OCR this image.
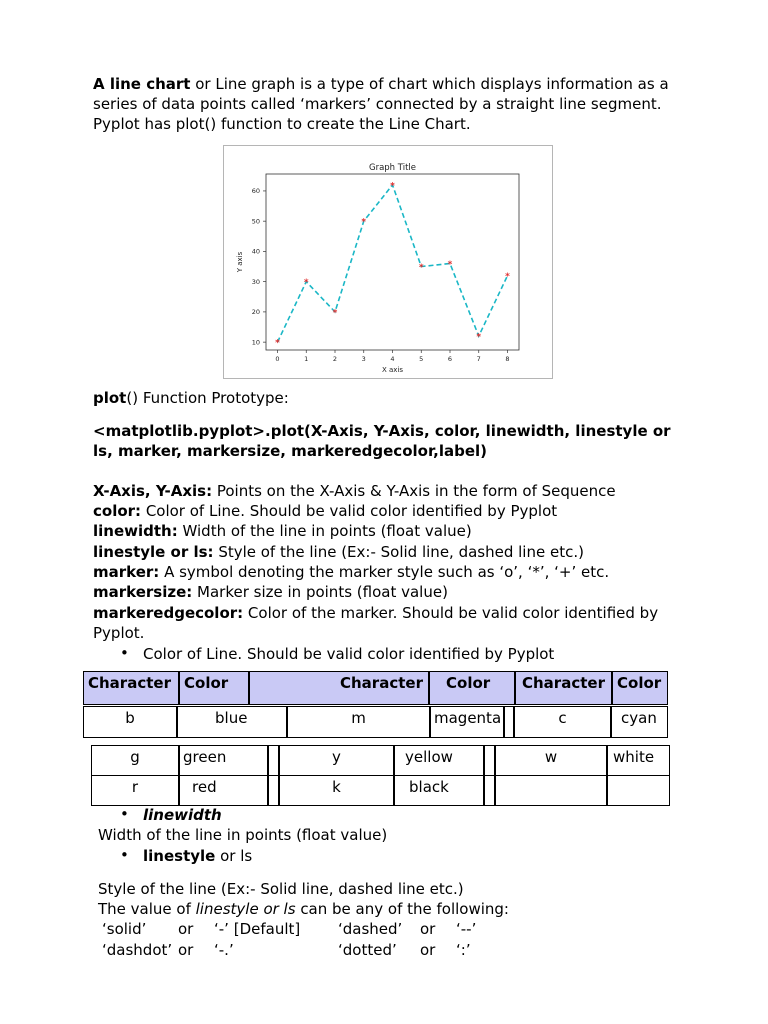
A line chart or Line graph is a type of chart which displays information as a
series of data points called ‘markers’ connected by a straight line segment.
Pyplot has plot() function to create the Line Chart.
Graph Title
X axis
Y axis
0	1	2	3	4	5	6	7	8
10
20
30
40
50
60
*
*
*
*
*
*	*
*
*
plot() Function Prototype:
<matplotlib.pyplot>.plot(X-Axis, Y-Axis, color, linewidth, linestyle or
ls, marker, markersize, markeredgecolor,label)
X-Axis, Y-Axis: Points on the X-Axis & Y-Axis in the form of Sequence
color: Color of Line. Should be valid color identified by Pyplot
linewidth: Width of the line in points (float value)
linestyle or ls: Style of the line (Ex:- Solid line, dashed line etc.)
marker: A symbol denoting the marker style such as ‘o’, ‘*’, ‘+’ etc.
markersize: Marker size in points (float value)
markeredgecolor: Color of the marker. Should be valid color identified by
Pyplot.
• Color of Line. Should be valid color identified by Pyplot
Character Color	Character	Color	Character Color
b	blue	m	magenta	c	cyan
g	green	y	yellow	w	white
r	red	k	black
• linewidth
Width of the line in points (float value)
• linestyle or ls
Style of the line (Ex:- Solid line, dashed line etc.)
The value of linestyle or ls can be any of the following:
‘solid’ or ‘-’ [Default]	‘dashed’ or ‘--’
‘dashdot’ or ‘-.’	‘dotted’ or ‘:’
